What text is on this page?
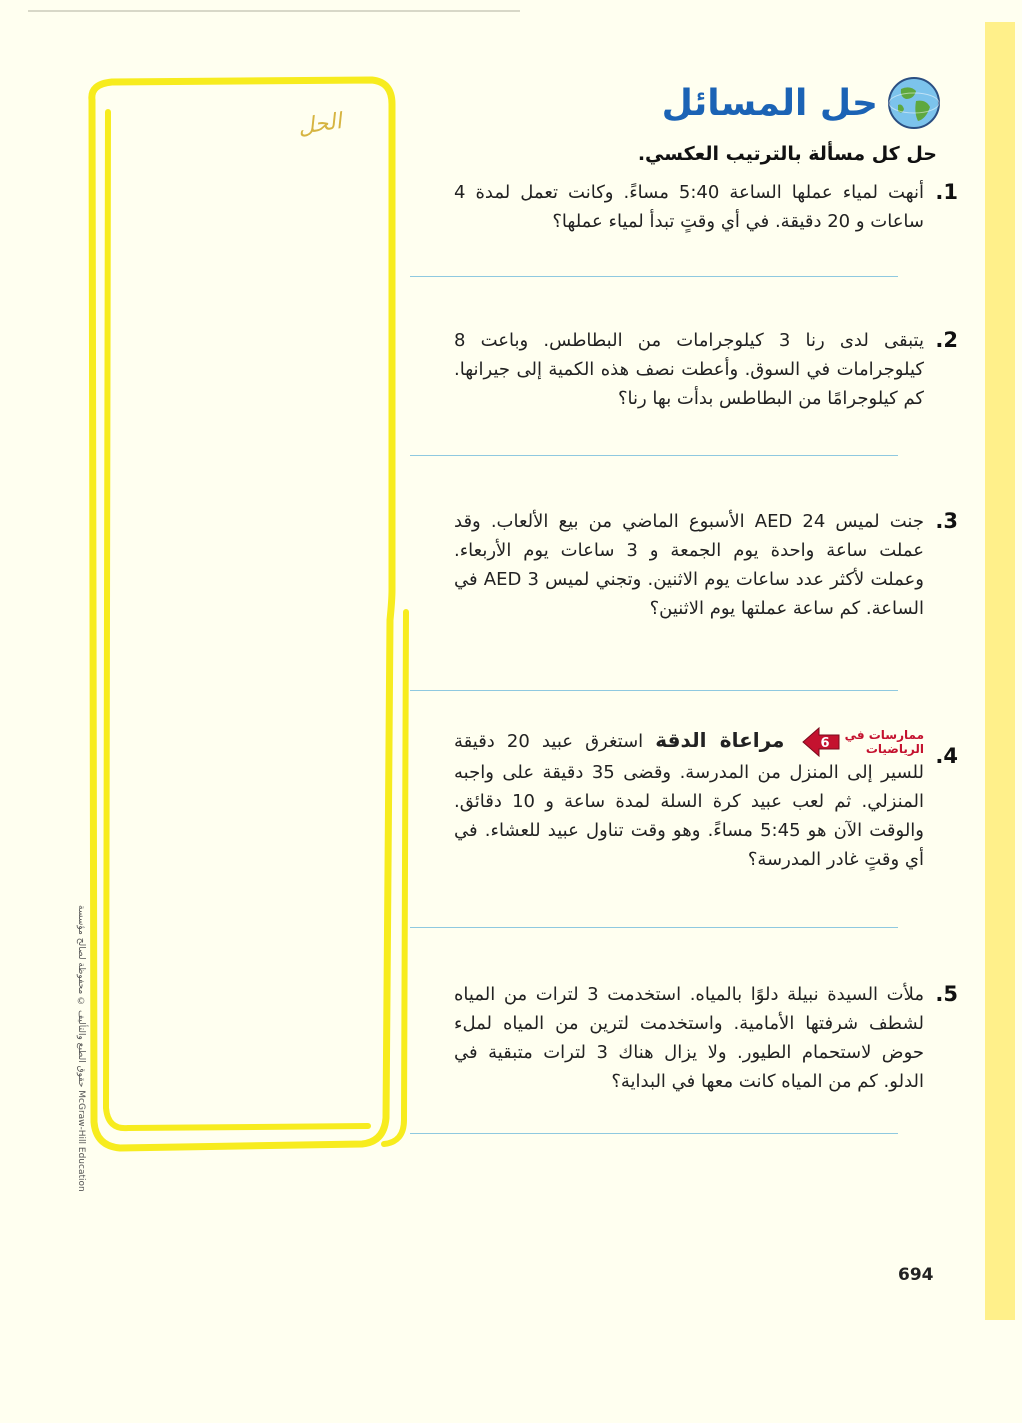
الحل
حل المسائل
حل كل مسألة بالترتيب العكسي.
1.
أنهت لمياء عملها الساعة 5:40 مساءً. وكانت تعمل لمدة 4 ساعات و 20 دقيقة. في أي وقتٍ تبدأ لمياء عملها؟
2.
يتبقى لدى رنا 3 كيلوجرامات من البطاطس. وباعت 8 كيلوجرامات في السوق. وأعطت نصف هذه الكمية إلى جيرانها. كم كيلوجرامًا من البطاطس بدأت بها رنا؟
3.
جنت لميس AED 24 الأسبوع الماضي من بيع الألعاب. وقد عملت ساعة واحدة يوم الجمعة و 3 ساعات يوم الأربعاء. وعملت لأكثر عدد ساعات يوم الاثنين. وتجني لميس AED 3 في الساعة. كم ساعة عملتها يوم الاثنين؟
4.
ممارسات في
الرياضيات
6
مراعاة الدقة استغرق عبيد 20 دقيقة للسير إلى المنزل من المدرسة. وقضى 35 دقيقة على واجبه المنزلي. ثم لعب عبيد كرة السلة لمدة ساعة و 10 دقائق. والوقت الآن هو 5:45 مساءً. وهو وقت تناول عبيد للعشاء. في أي وقتٍ غادر المدرسة؟
5.
ملأت السيدة نبيلة دلوًا بالمياه. استخدمت 3 لترات من المياه لشطف شرفتها الأمامية. واستخدمت لترين من المياه لملء حوض لاستحمام الطيور. ولا يزال هناك 3 لترات متبقية في الدلو. كم من المياه كانت معها في البداية؟
حقوق الطبع والتأليف © محفوظة لصالح مؤسسة McGraw-Hill Education
694
